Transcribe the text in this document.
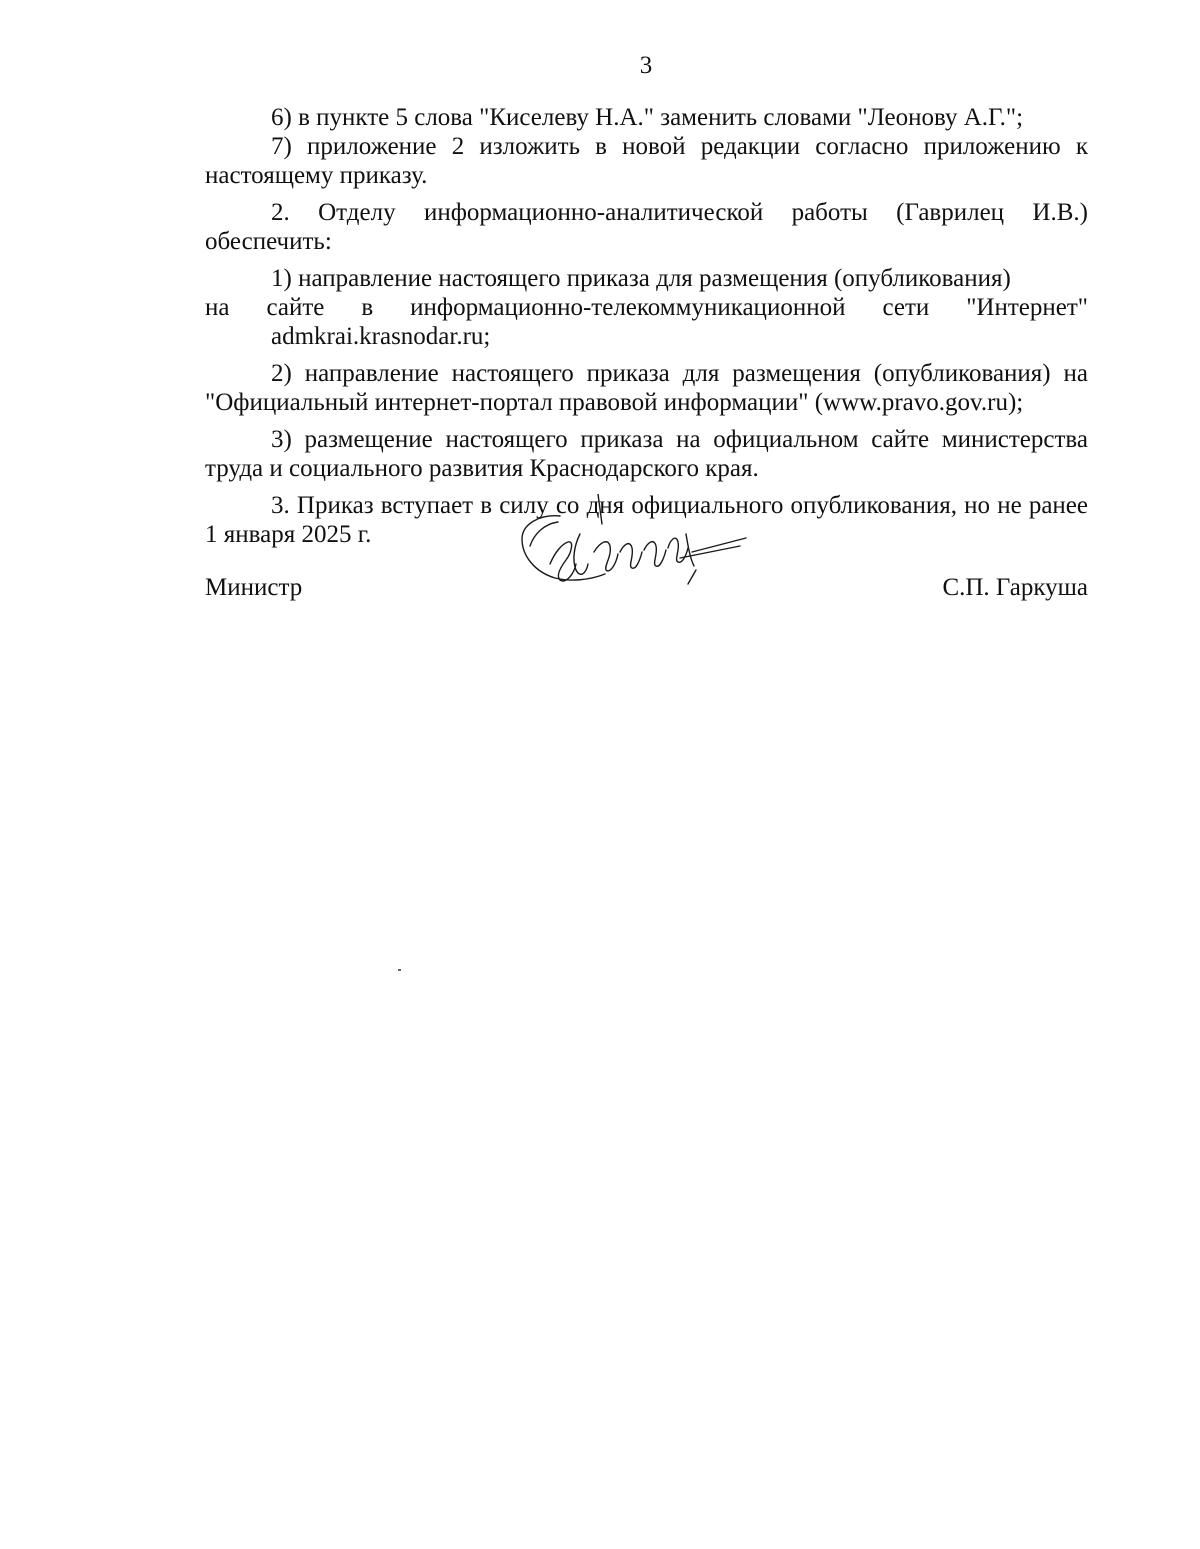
3

6) в пункте 5 слова "Киселеву Н.А." заменить словами "Леонову А.Г.";

7) приложение 2 изложить в новой редакции согласно приложению к настоящему приказу.

2. Отделу информационно-аналитической работы (Гаврилец И.В.) обеспечить:

1) направление настоящего приказа для размещения (опубликования)

на сайте в информационно-телекоммуникационной сети "Интернет"
admkrai.krasnodar.ru;

2) направление настоящего приказа для размещения (опубликования) на "Официальный интернет-портал правовой информации" (www.pravo.gov.ru);

3) размещение настоящего приказа на официальном сайте министерства труда и социального развития Краснодарского края.

3. Приказ вступает в силу со дня официального опубликования, но не ранее 1 января 2025 г.

Министр	С.П. Гаркуша
